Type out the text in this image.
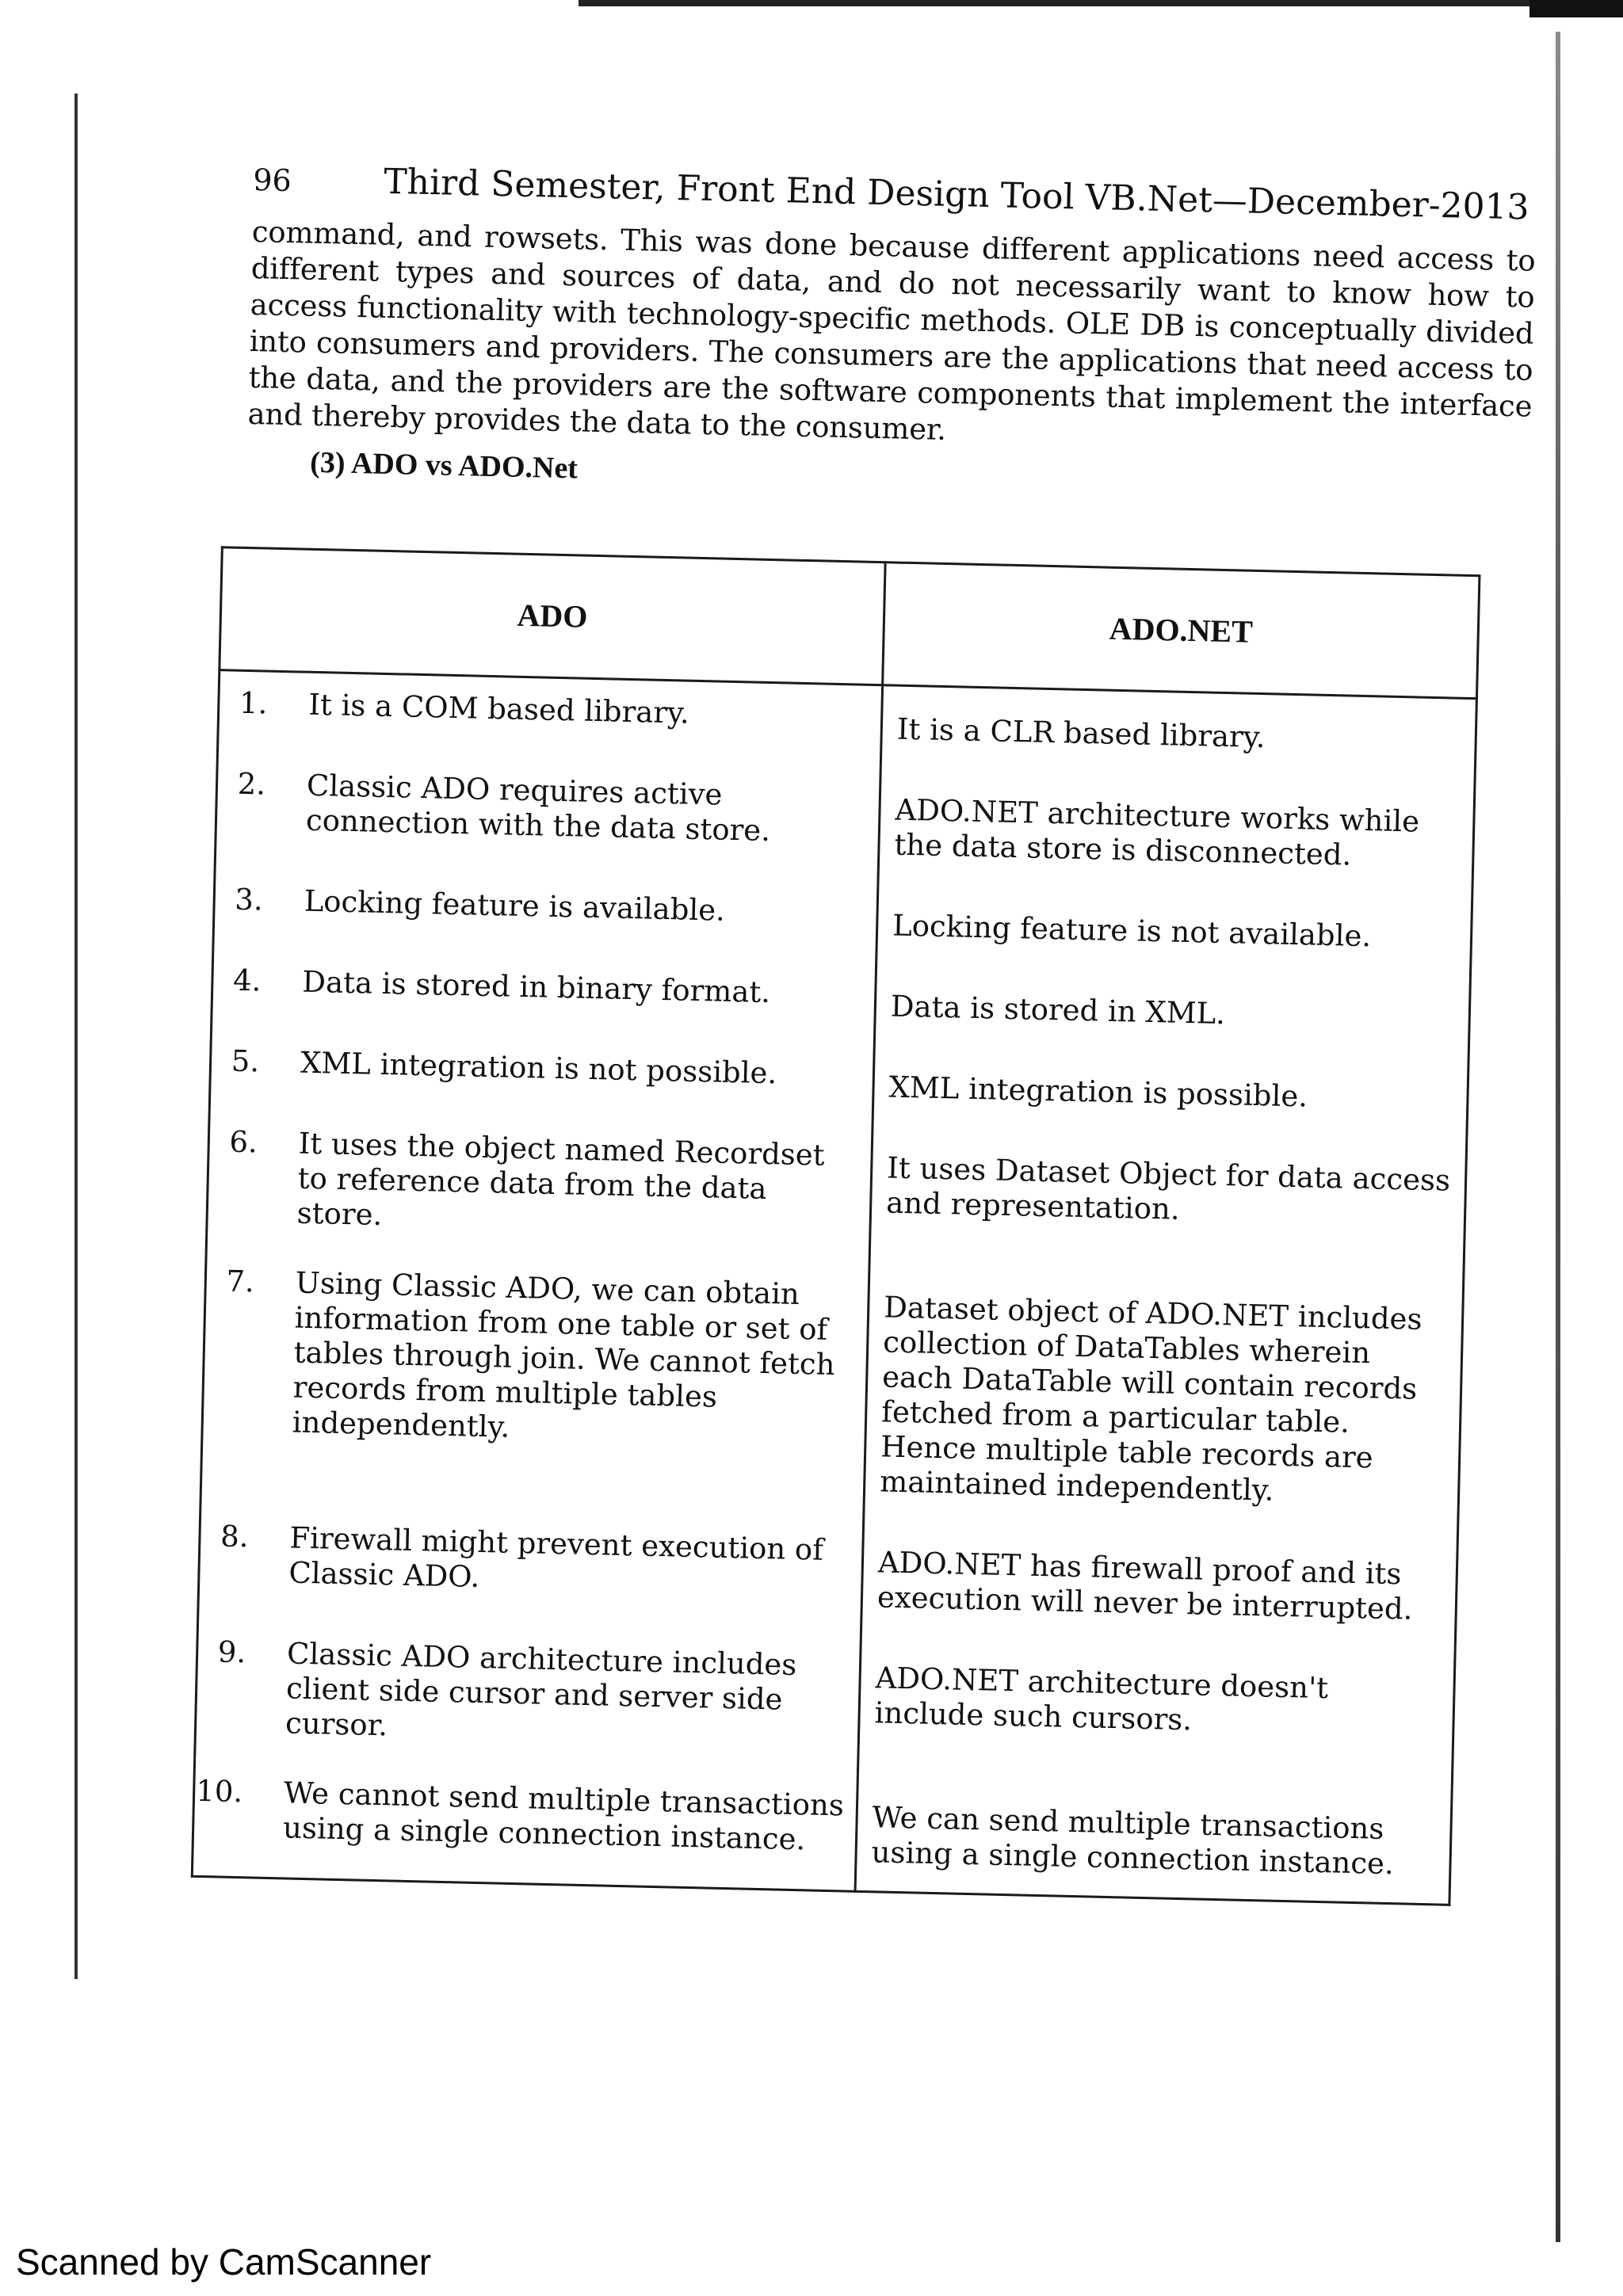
96	Third Semester, Front End Design Tool VB.Net—December-2013

command, and rowsets. This was done because different applications need access to different types and sources of data, and do not necessarily want to know how to access functionality with technology-specific methods. OLE DB is conceptually divided into consumers and providers. The consumers are the applications that need access to the data, and the providers are the software components that implement the interface and thereby provides the data to the consumer.

(3) ADO vs ADO.Net
ADO	ADO.NET

1. It is a COM based library.	It is a CLR based library.

2. Classic ADO requires active connection with the data store.	ADO.NET architecture works while the data store is disconnected.

3. Locking feature is available.	Locking feature is not available.

4. Data is stored in binary format.	Data is stored in XML.

5. XML integration is not possible.	XML integration is possible.

6. It uses the object named Recordset to reference data from the data store.	It uses Dataset Object for data access and representation.

7. Using Classic ADO, we can obtain information from one table or set of tables through join. We cannot fetch records from multiple tables independently.	Dataset object of ADO.NET includes collection of DataTables wherein each DataTable will contain records fetched from a particular table. Hence multiple table records are maintained independently.

8. Firewall might prevent execution of Classic ADO.	ADO.NET has firewall proof and its execution will never be interrupted.

9. Classic ADO architecture includes client side cursor and server side cursor.	ADO.NET architecture doesn't include such cursors.

10. We cannot send multiple transactions using a single connection instance.	We can send multiple transactions using a single connection instance.
Scanned by CamScanner
